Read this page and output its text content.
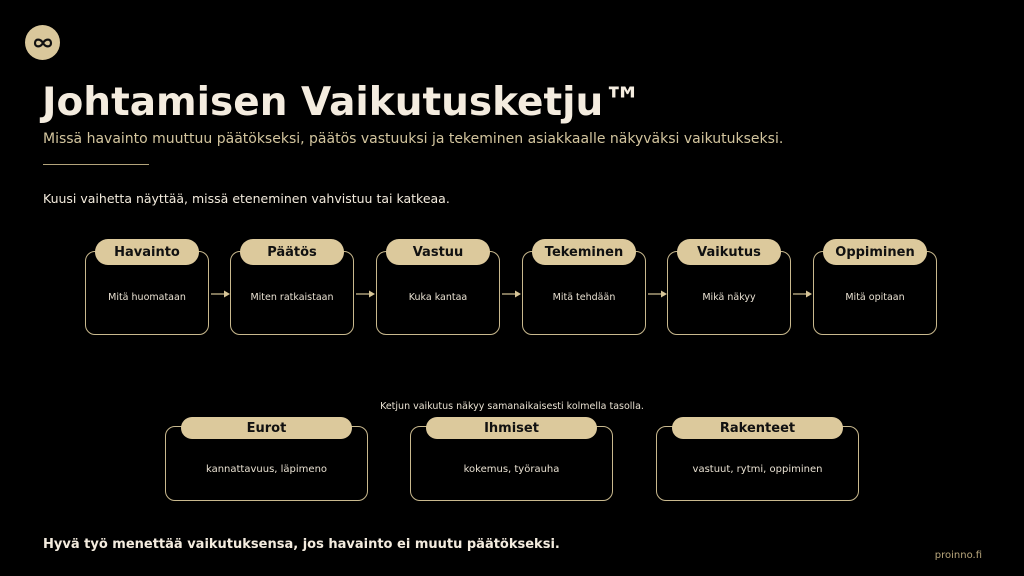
Johtamisen Vaikutusketju™
Missä havainto muuttuu päätökseksi, päätös vastuuksi ja tekeminen asiakkaalle näkyväksi vaikutukseksi.
Kuusi vaihetta näyttää, missä eteneminen vahvistuu tai katkeaa.
Havainto
Mitä huomataan
Päätös
Miten ratkaistaan
Vastuu
Kuka kantaa
Tekeminen
Mitä tehdään
Vaikutus
Mikä näkyy
Oppiminen
Mitä opitaan
Ketjun vaikutus näkyy samanaikaisesti kolmella tasolla.
Eurot
kannattavuus, läpimeno
Ihmiset
kokemus, työrauha
Rakenteet
vastuut, rytmi, oppiminen
Hyvä työ menettää vaikutuksensa, jos havainto ei muutu päätökseksi.
proinno.fi
